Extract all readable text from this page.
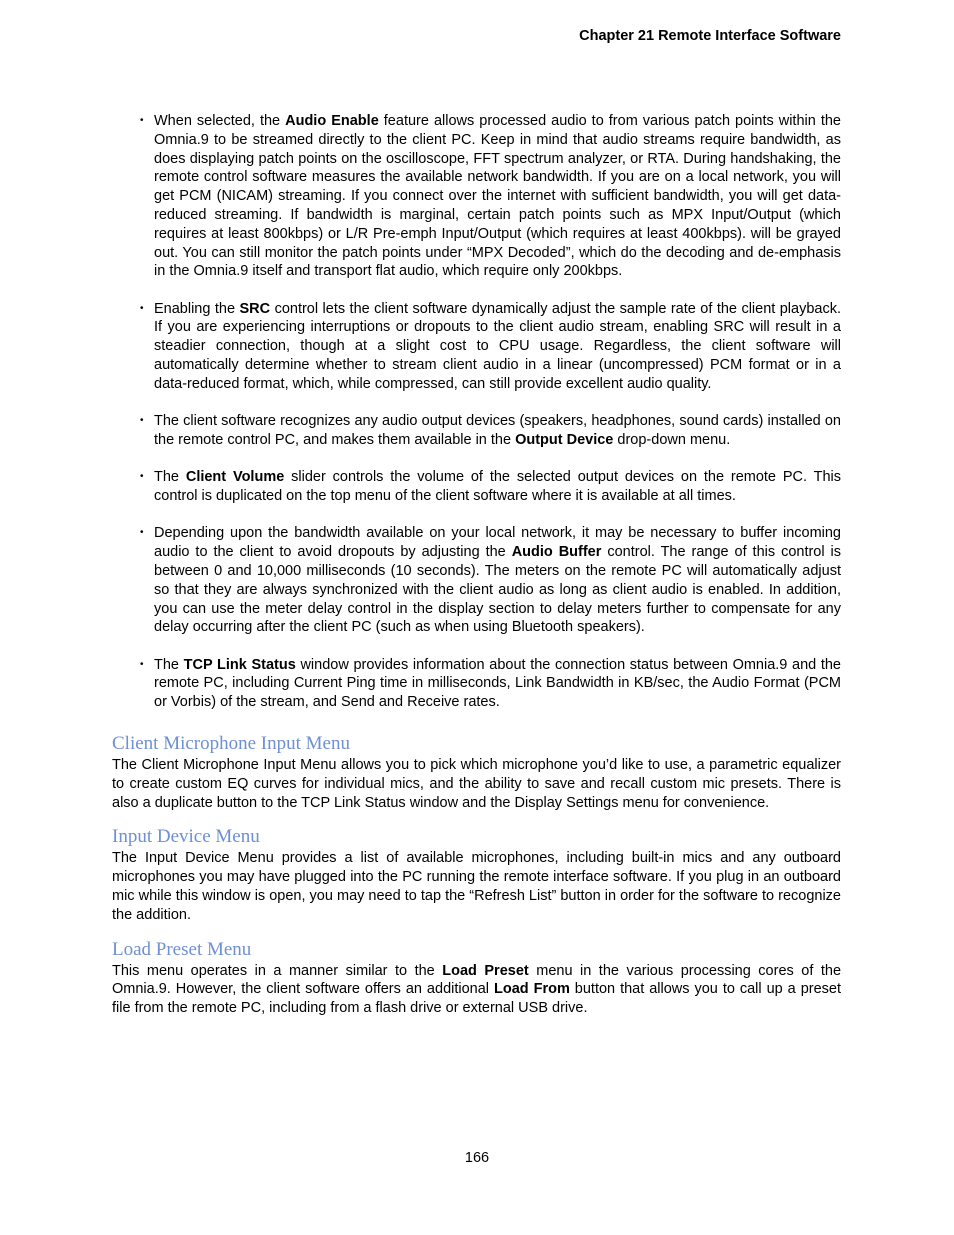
Chapter 21 Remote Interface Software
• When selected, the Audio Enable feature allows processed audio to from various patch points within the Omnia.9 to be streamed directly to the client PC. Keep in mind that audio streams require bandwidth, as does displaying patch points on the oscilloscope, FFT spectrum analyzer, or RTA. During handshaking, the remote control software measures the available network bandwidth. If you are on a local network, you will get PCM (NICAM) streaming. If you connect over the internet with sufficient bandwidth, you will get data-reduced streaming. If bandwidth is marginal, certain patch points such as MPX Input/Output (which requires at least 800kbps) or L/R Pre-emph Input/Output (which requires at least 400kbps). will be grayed out. You can still monitor the patch points under “MPX Decoded”, which do the decoding and de-emphasis in the Omnia.9 itself and transport flat audio, which require only 200kbps.
• Enabling the SRC control lets the client software dynamically adjust the sample rate of the client playback. If you are experiencing interruptions or dropouts to the client audio stream, enabling SRC will result in a steadier connection, though at a slight cost to CPU usage. Regardless, the client software will automatically determine whether to stream client audio in a linear (uncompressed) PCM format or in a data-reduced format, which, while compressed, can still provide excellent audio quality.
• The client software recognizes any audio output devices (speakers, headphones, sound cards) installed on the remote control PC, and makes them available in the Output Device drop-down menu.
• The Client Volume slider controls the volume of the selected output devices on the remote PC. This control is duplicated on the top menu of the client software where it is available at all times.
• Depending upon the bandwidth available on your local network, it may be necessary to buffer incoming audio to the client to avoid dropouts by adjusting the Audio Buffer control. The range of this control is between 0 and 10,000 milliseconds (10 seconds). The meters on the remote PC will automatically adjust so that they are always synchronized with the client audio as long as client audio is enabled. In addition, you can use the meter delay control in the display section to delay meters further to compensate for any delay occurring after the client PC (such as when using Bluetooth speakers).
• The TCP Link Status window provides information about the connection status between Omnia.9 and the remote PC, including Current Ping time in milliseconds, Link Bandwidth in KB/sec, the Audio Format (PCM or Vorbis) of the stream, and Send and Receive rates.
Client Microphone Input Menu

The Client Microphone Input Menu allows you to pick which microphone you’d like to use, a parametric equalizer to create custom EQ curves for individual mics, and the ability to save and recall custom mic presets. There is also a duplicate button to the TCP Link Status window and the Display Settings menu for convenience.

Input Device Menu

The Input Device Menu provides a list of available microphones, including built-in mics and any outboard microphones you may have plugged into the PC running the remote interface software. If you plug in an outboard mic while this window is open, you may need to tap the “Refresh List” button in order for the software to recognize the addition.

Load Preset Menu

This menu operates in a manner similar to the Load Preset menu in the various processing cores of the Omnia.9. However, the client software offers an additional Load From button that allows you to call up a preset file from the remote PC, including from a flash drive or external USB drive.

166
